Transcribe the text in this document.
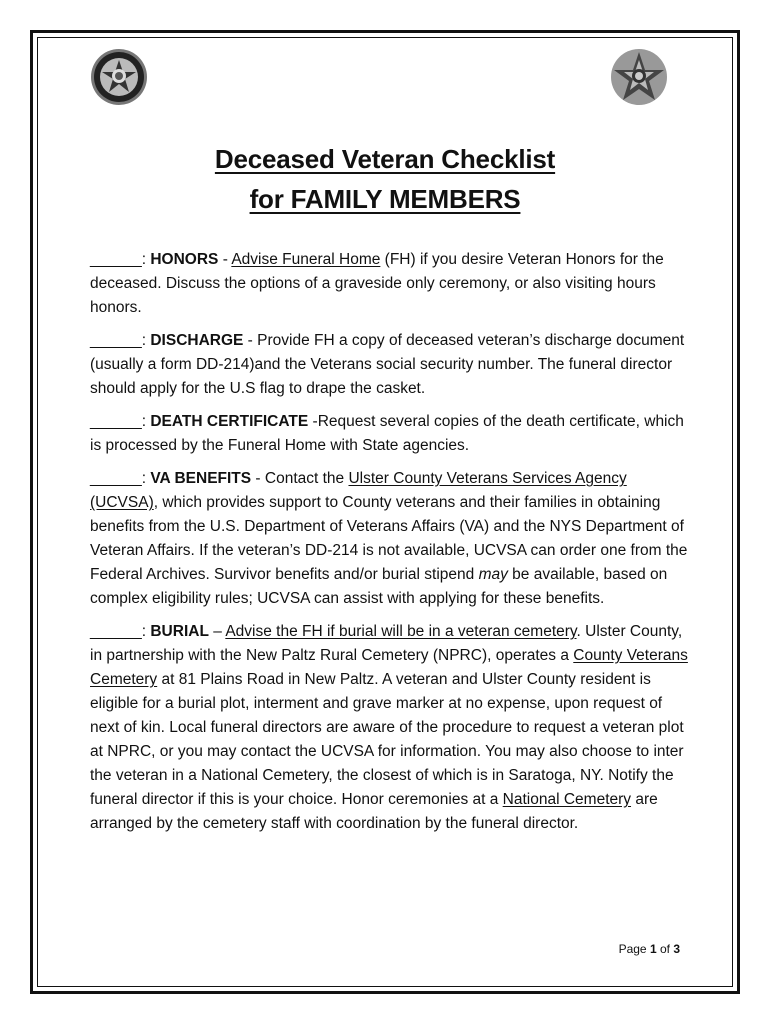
Deceased Veteran Checklist
for FAMILY MEMBERS

______: HONORS - Advise Funeral Home (FH) if you desire Veteran Honors for the deceased. Discuss the options of a graveside only ceremony, or also visiting hours honors.

______: DISCHARGE - Provide FH a copy of deceased veteran’s discharge document (usually a form DD-214)and the Veterans social security number. The funeral director should apply for the U.S flag to drape the casket.

______: DEATH CERTIFICATE -Request several copies of the death certificate, which is processed by the Funeral Home with State agencies.

______: VA BENEFITS - Contact the Ulster County Veterans Services Agency (UCVSA), which provides support to County veterans and their families in obtaining benefits from the U.S. Department of Veterans Affairs (VA) and the NYS Department of Veteran Affairs. If the veteran’s DD-214 is not available, UCVSA can order one from the Federal Archives. Survivor benefits and/or burial stipend may be available, based on complex eligibility rules; UCVSA can assist with applying for these benefits.

______: BURIAL – Advise the FH if burial will be in a veteran cemetery. Ulster County, in partnership with the New Paltz Rural Cemetery (NPRC), operates a County Veterans Cemetery at 81 Plains Road in New Paltz. A veteran and Ulster County resident is eligible for a burial plot, interment and grave marker at no expense, upon request of next of kin. Local funeral directors are aware of the procedure to request a veteran plot at NPRC, or you may contact the UCVSA for information. You may also choose to inter the veteran in a National Cemetery, the closest of which is in Saratoga, NY. Notify the funeral director if this is your choice. Honor ceremonies at a National Cemetery are arranged by the cemetery staff with coordination by the funeral director.

Page 1 of 3
